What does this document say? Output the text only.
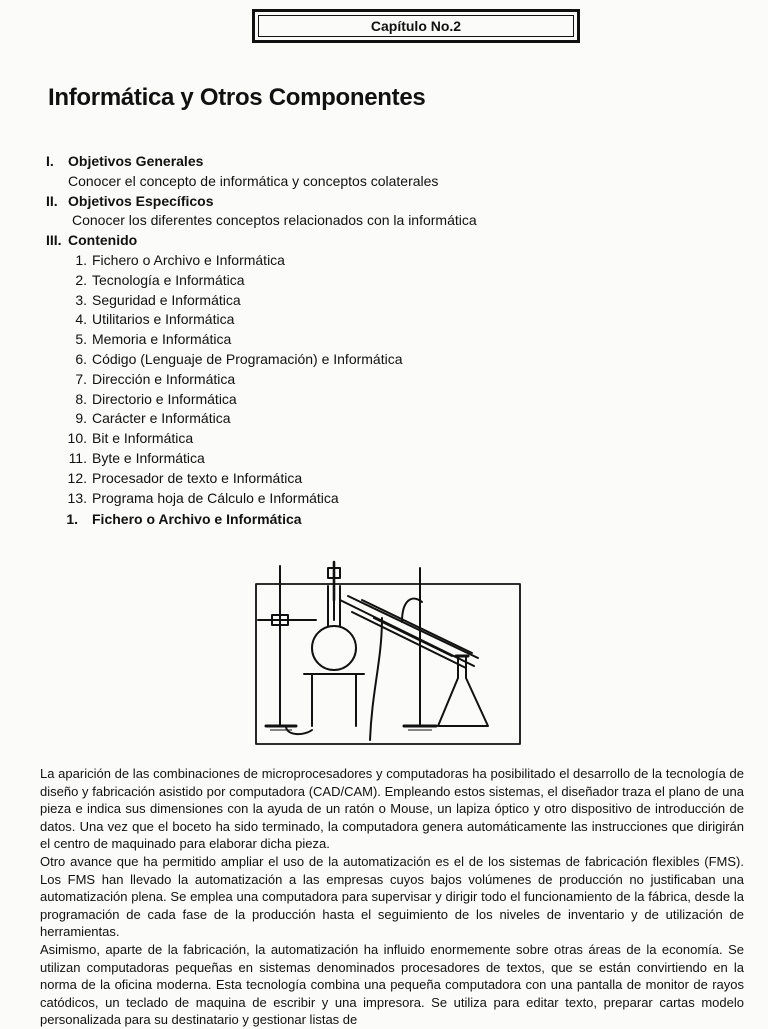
Capítulo No.2
Informática y Otros Componentes
I.	Objetivos Generales
Conocer el concepto de informática y conceptos colaterales
II. Objetivos Específicos
Conocer los diferentes conceptos relacionados con la informática
III. Contenido
1. Fichero o Archivo e Informática
2. Tecnología e Informática
3. Seguridad e Informática
4. Utilitarios e Informática
5. Memoria e Informática
6. Código (Lenguaje de Programación) e Informática
7. Dirección e Informática
8. Directorio e Informática
9. Carácter e Informática
10. Bit e Informática
11. Byte e Informática
12. Procesador de texto e Informática
13. Programa hoja de Cálculo e Informática
1.	Fichero o Archivo e Informática

La aparición de las combinaciones de microprocesadores y computadoras ha posibilitado el desarrollo de la tecnología de diseño y fabricación asistido por computadora (CAD/CAM). Empleando estos sistemas, el diseñador traza el plano de una pieza e indica sus dimensiones con la ayuda de un ratón o Mouse, un lapiza óptico y otro dispositivo de introducción de datos. Una vez que el boceto ha sido terminado, la computadora genera automáticamente las instrucciones que dirigirán el centro de maquinado para elaborar dicha pieza.

Otro avance que ha permitido ampliar el uso de la automatización es el de los sistemas de fabricación flexibles (FMS). Los FMS han llevado la automatización a las empresas cuyos bajos volúmenes de producción no justificaban una automatización plena. Se emplea una computadora para supervisar y dirigir todo el funcionamiento de la fábrica, desde la programación de cada fase de la producción hasta el seguimiento de los niveles de inventario y de utilización de herramientas.

Asimismo, aparte de la fabricación, la automatización ha influido enormemente sobre otras áreas de la economía. Se utilizan computadoras pequeñas en sistemas denominados procesadores de textos, que se están convirtiendo en la norma de la oficina moderna. Esta tecnología combina una pequeña computadora con una pantalla de monitor de rayos catódicos, un teclado de maquina de escribir y una impresora. Se utiliza para editar texto, preparar cartas modelo personalizada para su destinatario y gestionar listas de
